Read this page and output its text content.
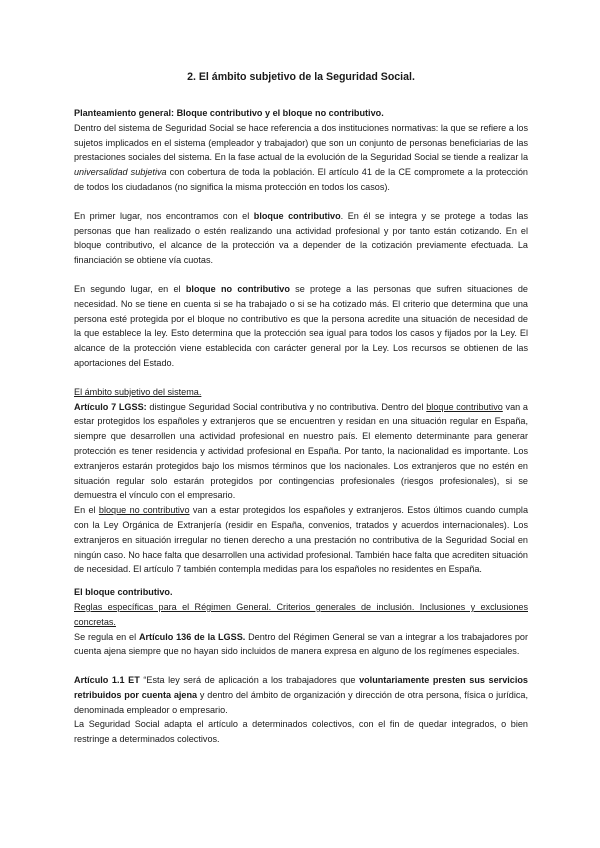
2. El ámbito subjetivo de la Seguridad Social.

Planteamiento general: Bloque contributivo y el bloque no contributivo.
Dentro del sistema de Seguridad Social se hace referencia a dos instituciones normativas: la que se refiere a los sujetos implicados en el sistema (empleador y trabajador) que son un conjunto de personas beneficiarias de las prestaciones sociales del sistema. En la fase actual de la evolución de la Seguridad Social se tiende a realizar la universalidad subjetiva con cobertura de toda la población. El artículo 41 de la CE compromete a la protección de todos los ciudadanos (no significa la misma protección en todos los casos).

En primer lugar, nos encontramos con el bloque contributivo. En él se integra y se protege a todas las personas que han realizado o estén realizando una actividad profesional y por tanto están cotizando. En el bloque contributivo, el alcance de la protección va a depender de la cotización previamente efectuada. La financiación se obtiene vía cuotas.

En segundo lugar, en el bloque no contributivo se protege a las personas que sufren situaciones de necesidad. No se tiene en cuenta si se ha trabajado o si se ha cotizado más. El criterio que determina que una persona esté protegida por el bloque no contributivo es que la persona acredite una situación de necesidad de la que establece la ley. Esto determina que la protección sea igual para todos los casos y fijados por la Ley. El alcance de la protección viene establecida con carácter general por la Ley. Los recursos se obtienen de las aportaciones del Estado.

El ámbito subjetivo del sistema.
Artículo 7 LGSS: distingue Seguridad Social contributiva y no contributiva. Dentro del bloque contributivo van a estar protegidos los españoles y extranjeros que se encuentren y residan en una situación regular en España, siempre que desarrollen una actividad profesional en nuestro país. El elemento determinante para generar protección es tener residencia y actividad profesional en España. Por tanto, la nacionalidad es importante. Los extranjeros estarán protegidos bajo los mismos términos que los nacionales. Los extranjeros que no estén en situación regular solo estarán protegidos por contingencias profesionales (riesgos profesionales), si se demuestra el vínculo con el empresario.
En el bloque no contributivo van a estar protegidos los españoles y extranjeros. Estos últimos cuando cumpla con la Ley Orgánica de Extranjería (residir en España, convenios, tratados y acuerdos internacionales). Los extranjeros en situación irregular no tienen derecho a una prestación no contributiva de la Seguridad Social en ningún caso. No hace falta que desarrollen una actividad profesional. También hace falta que acrediten situación de necesidad. El artículo 7 también contempla medidas para los españoles no residentes en España.

El bloque contributivo.
Reglas específicas para el Régimen General. Criterios generales de inclusión. Inclusiones y exclusiones concretas.
Se regula en el Artículo 136 de la LGSS. Dentro del Régimen General se van a integrar a los trabajadores por cuenta ajena siempre que no hayan sido incluidos de manera expresa en alguno de los regímenes especiales.

Artículo 1.1 ET “Esta ley será de aplicación a los trabajadores que voluntariamente presten sus servicios retribuidos por cuenta ajena y dentro del ámbito de organización y dirección de otra persona, física o jurídica, denominada empleador o empresario.
La Seguridad Social adapta el artículo a determinados colectivos, con el fin de quedar integrados, o bien restringe a determinados colectivos.
